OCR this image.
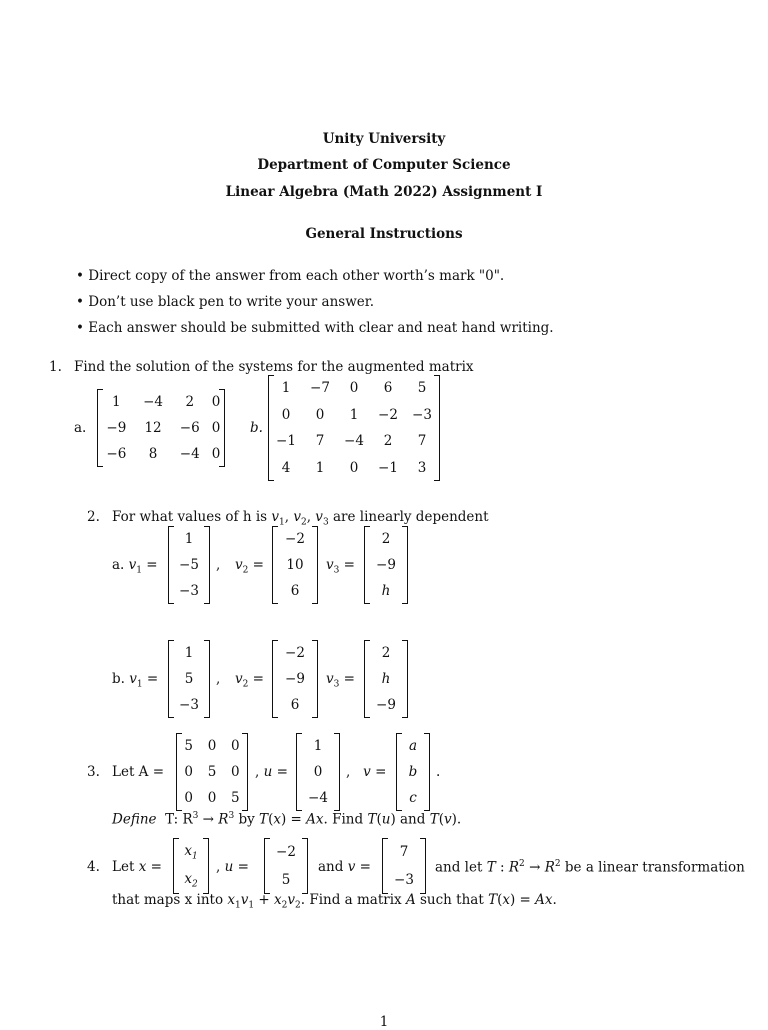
Unity University
Department of Computer Science
Linear Algebra (Math 2022) Assignment I
General Instructions
• Direct copy of the answer from each other worth’s mark "0".
• Don’t use black pen to write your answer.
• Each answer should be submitted with clear and neat hand writing.
1. Find the solution of the systems for the augmented matrix
a.
1	−4	2	0
−9	12	−6	0
−6	8	−4	0
b.
1	−7	0	6	5
0	0	1	−2	−3
−1	7	−4	2	7
4	1	0	−1	3
2. For what values of h is $v_1$, $v_2$, $v_3$ are linearly dependent
a. $v_1$ =
1
−5
−3
, $v_2$ =
−2
10
6
$v_3$ =
2
−9
h
b. $v_1$ =
1
5
−3
, $v_2$ =
−2
−9
6
$v_3$ =
2
h
−9
3. Let A =
5	0	0
0	5	0
0	0	5
, u =
1
0
−4
,   v =
a
b
c
.
Define T: $R^3 \to R^3$ by T(x) = Ax. Find T(u) and T(v).
4. Let x =
$x_1$
$x_2$
, u =
−2
5
and v =
7
−3
and let T : $R^2 \to R^2$ be a linear transformation
that maps x into $x_1v_1 + x_2v_2$. Find a matrix A such that T(x) = Ax.
1
